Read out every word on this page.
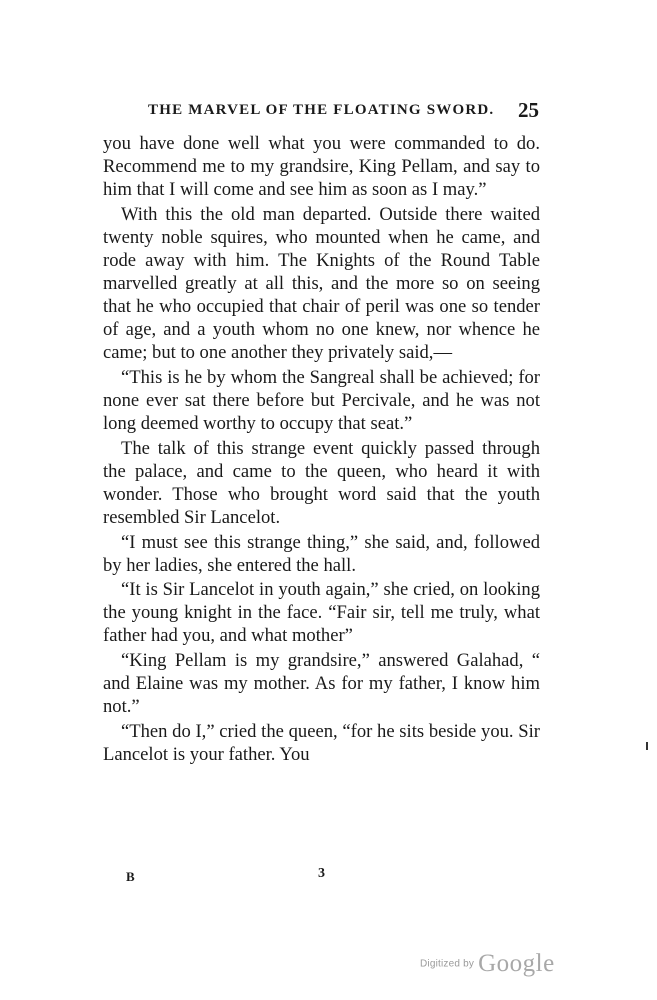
THE MARVEL OF THE FLOATING SWORD. 25

you have done well what you were commanded to do. Recommend me to my grandsire, King Pellam, and say to him that I will come and see him as soon as I may.”

With this the old man departed. Outside there waited twenty noble squires, who mounted when he came, and rode away with him. The Knights of the Round Table marvelled greatly at all this, and the more so on seeing that he who occupied that chair of peril was one so tender of age, and a youth whom no one knew, nor whence he came; but to one another they privately said,—

“This is he by whom the Sangreal shall be achieved; for none ever sat there before but Percivale, and he was not long deemed worthy to occupy that seat.”

The talk of this strange event quickly passed through the palace, and came to the queen, who heard it with wonder. Those who brought word said that the youth resembled Sir Lancelot.

“I must see this strange thing,” she said, and, followed by her ladies, she entered the hall.

“It is Sir Lancelot in youth again,” she cried, on looking the young knight in the face. “Fair sir, tell me truly, what father had you, and what mother”

“King Pellam is my grandsire,” answered Galahad, “ and Elaine was my mother. As for my father, I know him not.”

“Then do I,” cried the queen, “for he sits beside you. Sir Lancelot is your father. You

B	3
Digitized by Google
